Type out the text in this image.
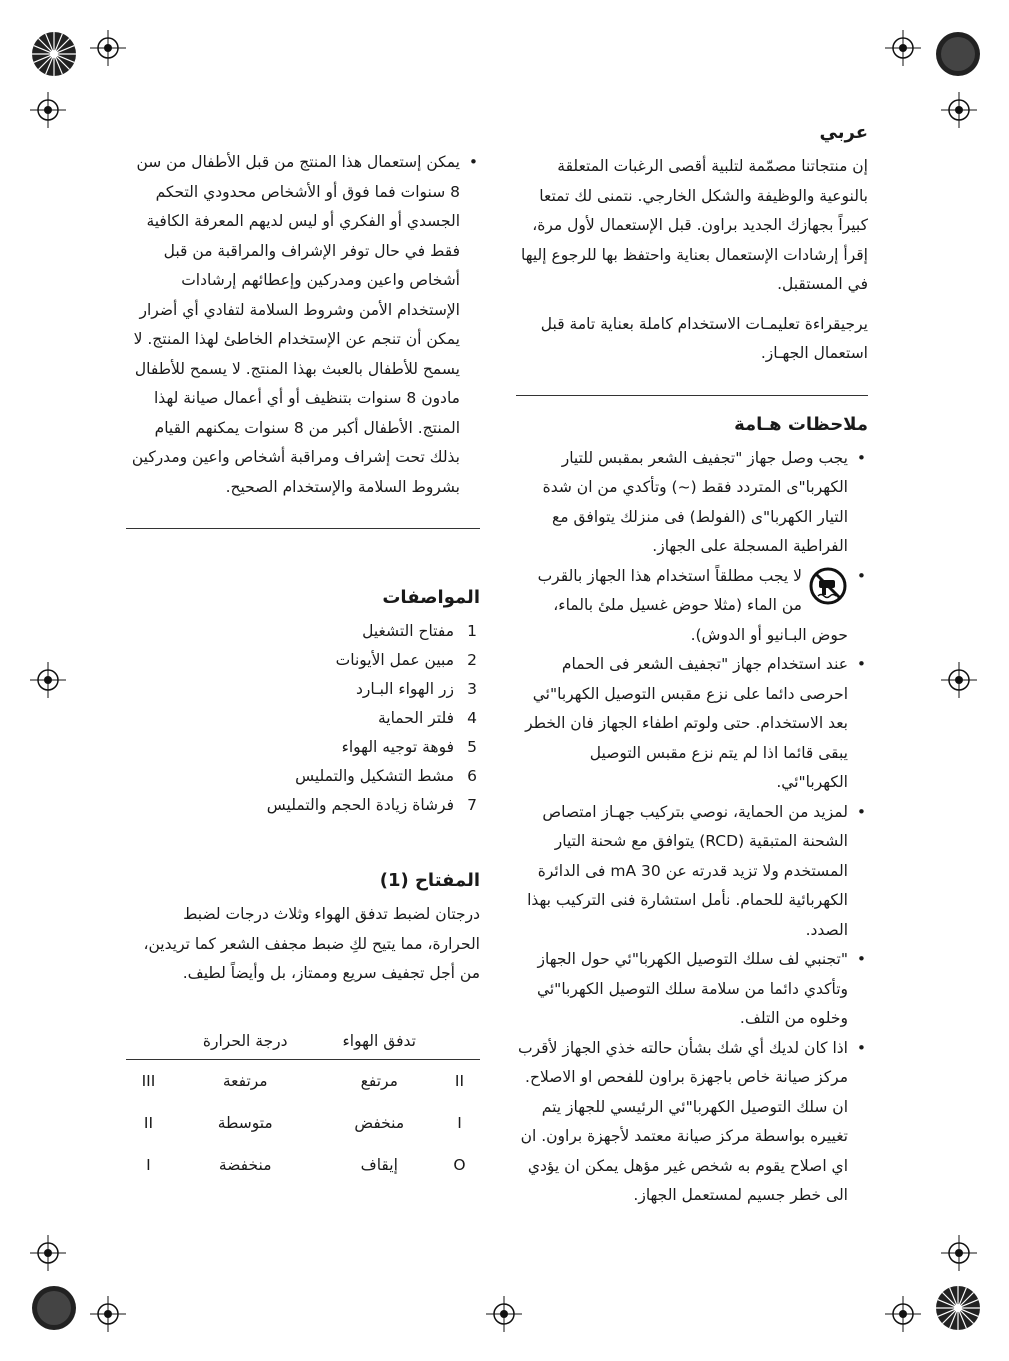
عربي

إن منتجاتنا مصمّمة لتلبية أقصى الرغبات المتعلقة بالنوعية والوظيفة والشكل الخارجي. نتمنى لك تمتعا كبيراً بجهازك الجديد براون. قبل الإستعمال لأول مرة، إقرأ إرشادات الإستعمال بعناية واحتفظ بها للرجوع إليها في المستقبل.

يرجيقراءة تعليمـات الاستخدام كاملة بعناية تامة قبل استعمال الجهـاز.

ملاحظات هـامة
• يجب وصل جهاز "تجفيف الشعر بمقبس للتيار الكهربا"ى المتردد فقط (~) وتأكدي من ان شدة التيار الكهربا"ى (الفولط) فى منزلك يتوافق مع الفراطية المسجلة على الجهاز.
• لا يجب مطلقاً استخدام هذا الجهاز بالقرب من الماء (مثلا حوض غسيل ملئ بالماء، حوض البـانيو أو الدوش).
• عند استخدام جهاز "تجفيف الشعر فى الحمام احرصى دائما على نزع مقبس التوصيل الكهربا"ئي بعد الاستخدام. حتى ولوتم اطفاء الجهاز فان الخطر يبقى قائما اذا لم يتم نزع مقبس التوصيل الكهربا"ئي.
• لمزيد من الحماية، نوصي بتركيب جهـاز امتصاص الشحنة المتبقية (RCD) يتوافق مع شحنة التيار المستخدم ولا تزيد قدرته عن 30 mA فى الدائرة الكهربائية للحمام. نأمل استشارة فنى التركيب بهذا الصدد.
• "تجنبي لف سلك التوصيل الكهربا"ئي حول الجهاز وتأكدي دائما من سلامة سلك التوصيل الكهربا"ئي وخلوه من التلف.
• اذا كان لديك أي شك بشأن حالته خذي الجهاز لأقرب مركز صيانة خاص باجهزة براون للفحص او الاصلاح. ان سلك التوصيل الكهربا"ئي الرئيسي للجهاز يتم تغييره بواسطة مركز صيانة معتمد لأجهزة براون. ان اي اصلاح يقوم به شخص غير مؤهل يمكن ان يؤدي الى خطر جسيم لمستعمل الجهاز.
• يمكن إستعمال هذا المنتج من قبل الأطفال من سن 8 سنوات فما فوق أو الأشخاص محدودي التحكم الجسدي أو الفكري أو ليس لديهم المعرفة الكافية فقط في حال توفر الإشراف والمراقبة من قبل أشخاص واعين ومدركين وإعطائهم إرشادات الإستخدام الأمن وشروط السلامة لتفادي أي أضرار يمكن أن تنجم عن الإستخدام الخاطئ لهذا المنتج. لا يسمح للأطفال بالعبث بهذا المنتج. لا يسمح للأطفال مادون 8 سنوات بتنظيف أو أي أعمال صيانة لهذا المنتج. الأطفال أكبر من 8 سنوات يمكنهم القيام بذلك تحت إشراف ومراقبة أشخاص واعين ومدركين بشروط السلامة والإستخدام الصحيح.
المواصفات
1
مفتاح التشغيل
2
مبين عمل الأيونات
3
زر الهواء البـارد
4
فلتر الحماية
5
فوهة توجيه الهواء
6
مشط التشكيل والتمليس
7
فرشاة زيادة الحجم والتمليس
المفتاح (1)

درجتان لضبط تدفق الهواء وثلاث درجات لضبط الحرارة، مما يتيح لكِ ضبط مجفف الشعر كما تريدين، من أجل تجفيف سريع وممتاز، بل وأيضاً لطيف.

	تدفق الهواء	درجة الحرارة	
II	مرتفع	مرتفعة	III
I	منخفض	متوسطة	II
O	إيقاف	منخفضة	I
